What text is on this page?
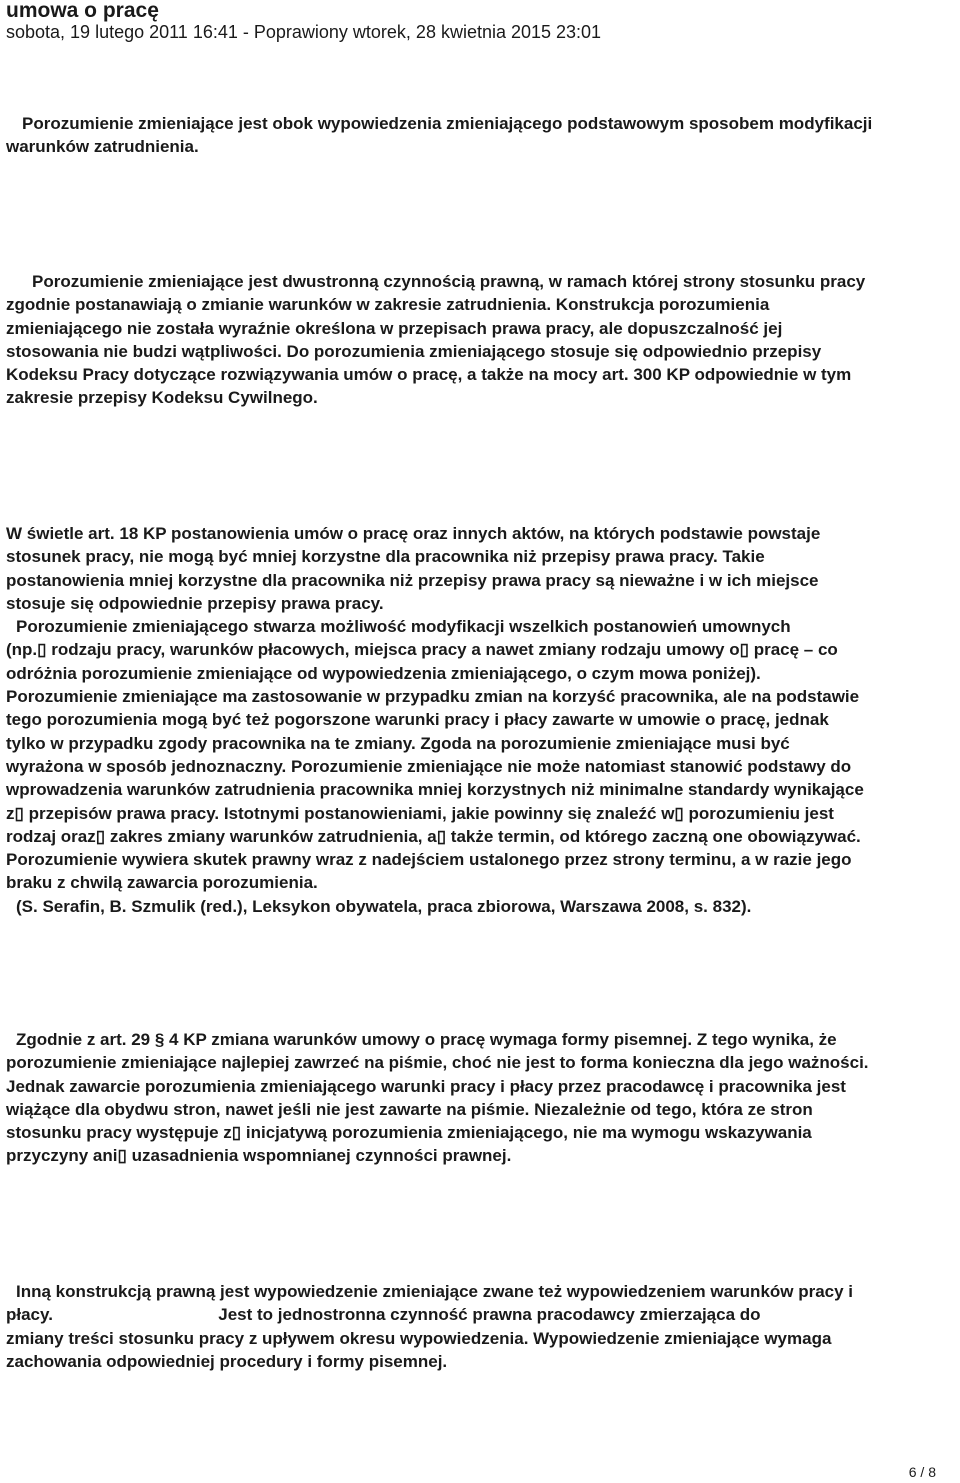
umowa o pracę
sobota, 19 lutego 2011 16:41 - Poprawiony wtorek, 28 kwietnia 2015 23:01
Porozumienie zmieniające jest obok wypowiedzenia zmieniającego podstawowym sposobem modyfikacji
warunków zatrudnienia.
Porozumienie zmieniające jest dwustronną czynnością prawną, w ramach której strony stosunku pracy
zgodnie postanawiają o zmianie warunków w zakresie zatrudnienia. Konstrukcja porozumienia
zmieniającego nie została wyraźnie określona w przepisach prawa pracy, ale dopuszczalność jej
stosowania nie budzi wątpliwości. Do porozumienia zmieniającego stosuje się odpowiednio przepisy
Kodeksu Pracy dotyczące rozwiązywania umów o pracę, a także na mocy art. 300 KP odpowiednie w tym
zakresie przepisy Kodeksu Cywilnego.
W świetle art. 18 KP postanowienia umów o pracę oraz innych aktów, na których podstawie powstaje
stosunek pracy, nie mogą być mniej korzystne dla pracownika niż przepisy prawa pracy. Takie
postanowienia mniej korzystne dla pracownika niż przepisy prawa pracy są nieważne i w ich miejsce
stosuje się odpowiednie przepisy prawa pracy.
Porozumienie zmieniającego stwarza możliwość modyfikacji wszelkich postanowień umownych
(np.▯ rodzaju pracy, warunków płacowych, miejsca pracy a nawet zmiany rodzaju umowy o▯ pracę – co
odróżnia porozumienie zmieniające od wypowiedzenia zmieniającego, o czym mowa poniżej).
Porozumienie zmieniające ma zastosowanie w przypadku zmian na korzyść pracownika, ale na podstawie
tego porozumienia mogą być też pogorszone warunki pracy i płacy zawarte w umowie o pracę, jednak
tylko w przypadku zgody pracownika na te zmiany. Zgoda na porozumienie zmieniające musi być
wyrażona w sposób jednoznaczny. Porozumienie zmieniające nie może natomiast stanowić podstawy do
wprowadzenia warunków zatrudnienia pracownika mniej korzystnych niż minimalne standardy wynikające
z▯ przepisów prawa pracy. Istotnymi postanowieniami, jakie powinny się znaleźć w▯ porozumieniu jest
rodzaj oraz▯ zakres zmiany warunków zatrudnienia, a▯ także termin, od którego zaczną one obowiązywać.
Porozumienie wywiera skutek prawny wraz z nadejściem ustalonego przez strony terminu, a w razie jego
braku z chwilą zawarcia porozumienia.
(S. Serafin, B. Szmulik (red.), Leksykon obywatela, praca zbiorowa, Warszawa 2008, s. 832).
Zgodnie z art. 29 § 4 KP zmiana warunków umowy o pracę wymaga formy pisemnej. Z tego wynika, że
porozumienie zmieniające najlepiej zawrzeć na piśmie, choć nie jest to forma konieczna dla jego ważności.
Jednak zawarcie porozumienia zmieniającego warunki pracy i płacy przez pracodawcę i pracownika jest
wiążące dla obydwu stron, nawet jeśli nie jest zawarte na piśmie. Niezależnie od tego, która ze stron
stosunku pracy występuje z▯ inicjatywą porozumienia zmieniającego, nie ma wymogu wskazywania
przyczyny ani▯ uzasadnienia wspomnianej czynności prawnej.
Inną konstrukcją prawną jest wypowiedzenie zmieniające zwane też wypowiedzeniem warunków pracy i
płacy.                                   Jest to jednostronna czynność prawna pracodawcy zmierzająca do
zmiany treści stosunku pracy z upływem okresu wypowiedzenia. Wypowiedzenie zmieniające wymaga
zachowania odpowiedniej procedury i formy pisemnej.
6 / 8
